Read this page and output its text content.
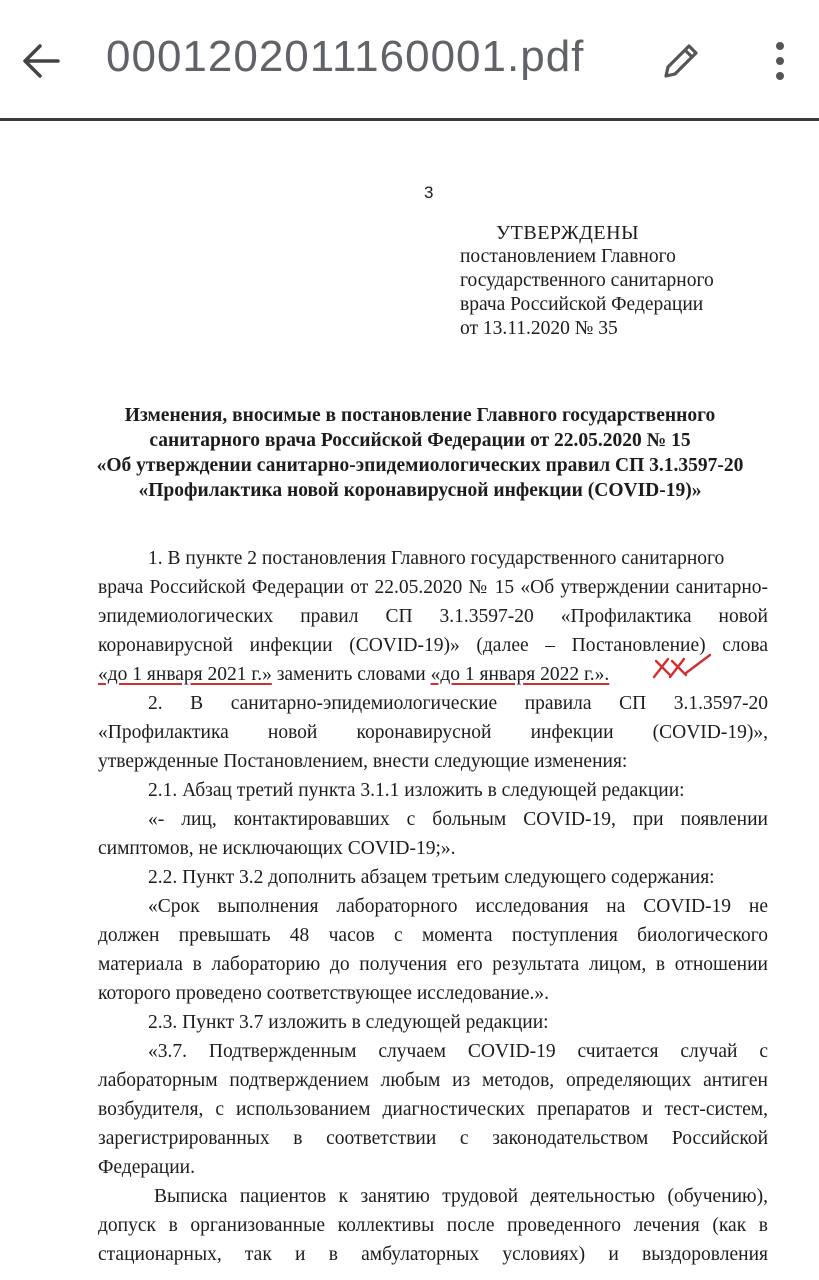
0001202011160001.pdf
3
УТВЕРЖДЕНЫ
постановлением Главного
государственного санитарного
врача Российской Федерации
от 13.11.2020 № 35
Изменения, вносимые в постановление Главного государственного
санитарного врача Российской Федерации от 22.05.2020 № 15
«Об утверждении санитарно-эпидемиологических правил СП 3.1.3597-20
«Профилактика новой коронавирусной инфекции (COVID-19)»
1. В пункте 2 постановления Главного государственного санитарного
врача Российской Федерации от 22.05.2020 № 15 «Об утверждении санитарно-
эпидемиологических правил СП 3.1.3597-20 «Профилактика новой
коронавирусной инфекции (COVID-19)» (далее – Постановление) слова
«до 1 января 2021 г.» заменить словами «до 1 января 2022 г.».
2. В санитарно-эпидемиологические правила СП 3.1.3597-20
«Профилактика новой коронавирусной инфекции (COVID-19)»,
утвержденные Постановлением, внести следующие изменения:
2.1. Абзац третий пункта 3.1.1 изложить в следующей редакции:
«- лиц, контактировавших с больным COVID-19, при появлении
симптомов, не исключающих COVID-19;».
2.2. Пункт 3.2 дополнить абзацем третьим следующего содержания:
«Срок выполнения лабораторного исследования на COVID-19 не
должен превышать 48 часов с момента поступления биологического
материала в лабораторию до получения его результата лицом, в отношении
которого проведено соответствующее исследование.».
2.3. Пункт 3.7 изложить в следующей редакции:
«3.7. Подтвержденным случаем COVID-19 считается случай с
лабораторным подтверждением любым из методов, определяющих антиген
возбудителя, с использованием диагностических препаратов и тест-систем,
зарегистрированных в соответствии с законодательством Российской
Федерации.
Выписка пациентов к занятию трудовой деятельностью (обучению),
допуск в организованные коллективы после проведенного лечения (как в
стационарных, так и в амбулаторных условиях) и выздоровления
